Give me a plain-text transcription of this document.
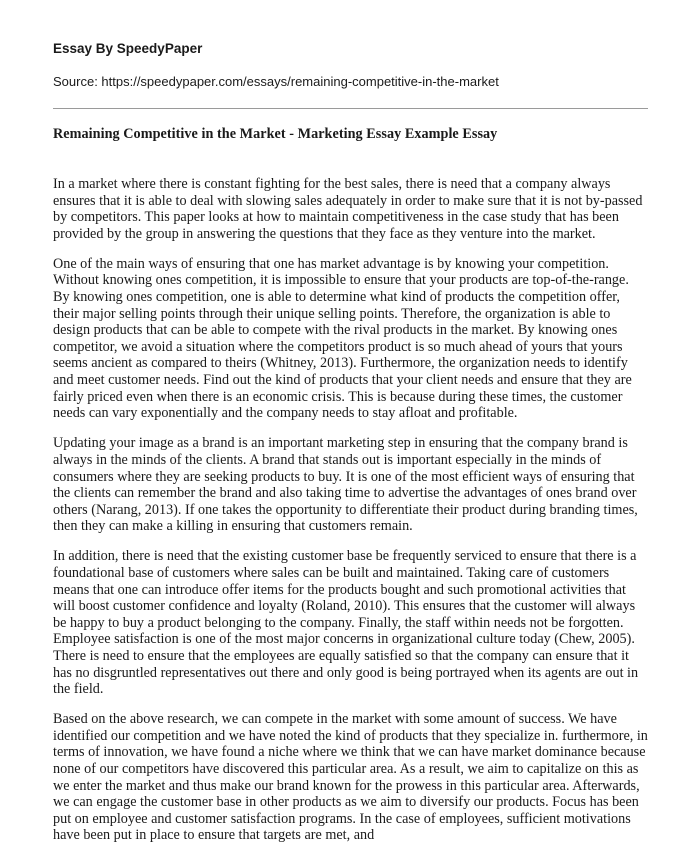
Essay By SpeedyPaper
Source: https://speedypaper.com/essays/remaining-competitive-in-the-market
Remaining Competitive in the Market - Marketing Essay Example Essay

In a market where there is constant fighting for the best sales, there is need that a company always ensures that it is able to deal with slowing sales adequately in order to make sure that it is not by-passed by competitors. This paper looks at how to maintain competitiveness in the case study that has been provided by the group in answering the questions that they face as they venture into the market.

One of the main ways of ensuring that one has market advantage is by knowing your competition. Without knowing ones competition, it is impossible to ensure that your products are top-of-the-range. By knowing ones competition, one is able to determine what kind of products the competition offer, their major selling points through their unique selling points. Therefore, the organization is able to design products that can be able to compete with the rival products in the market. By knowing ones competitor, we avoid a situation where the competitors product is so much ahead of yours that yours seems ancient as compared to theirs (Whitney, 2013). Furthermore, the organization needs to identify and meet customer needs. Find out the kind of products that your client needs and ensure that they are fairly priced even when there is an economic crisis. This is because during these times, the customer needs can vary exponentially and the company needs to stay afloat and profitable.

Updating your image as a brand is an important marketing step in ensuring that the company brand is always in the minds of the clients. A brand that stands out is important especially in the minds of consumers where they are seeking products to buy. It is one of the most efficient ways of ensuring that the clients can remember the brand and also taking time to advertise the advantages of ones brand over others (Narang, 2013). If one takes the opportunity to differentiate their product during branding times, then they can make a killing in ensuring that customers remain.

In addition, there is need that the existing customer base be frequently serviced to ensure that there is a foundational base of customers where sales can be built and maintained. Taking care of customers means that one can introduce offer items for the products bought and such promotional activities that will boost customer confidence and loyalty (Roland, 2010). This ensures that the customer will always be happy to buy a product belonging to the company. Finally, the staff within needs not be forgotten. Employee satisfaction is one of the most major concerns in organizational culture today (Chew, 2005). There is need to ensure that the employees are equally satisfied so that the company can ensure that it has no disgruntled representatives out there and only good is being portrayed when its agents are out in the field.

Based on the above research, we can compete in the market with some amount of success. We have identified our competition and we have noted the kind of products that they specialize in. furthermore, in terms of innovation, we have found a niche where we think that we can have market dominance because none of our competitors have discovered this particular area. As a result, we aim to capitalize on this as we enter the market and thus make our brand known for the prowess in this particular area. Afterwards, we can engage the customer base in other products as we aim to diversify our products. Focus has been put on employee and customer satisfaction programs. In the case of employees, sufficient motivations have been put in place to ensure that targets are met, and
